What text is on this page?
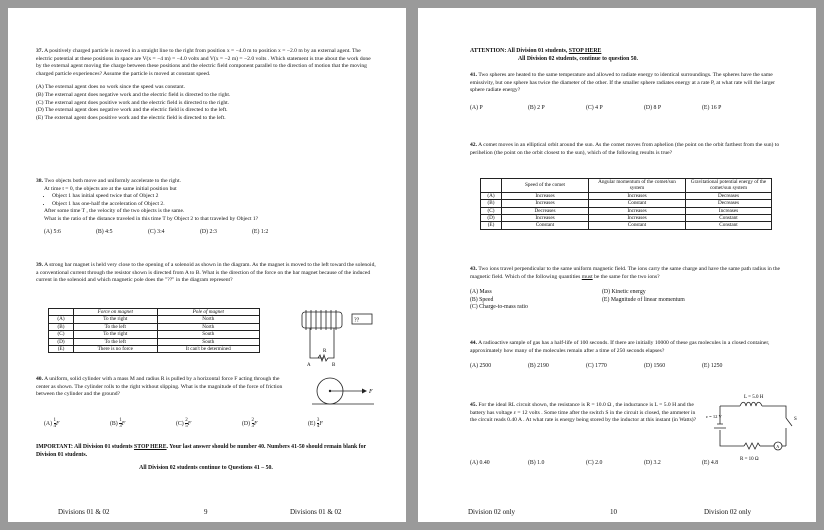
37. A positively charged particle is moved in a straight line to the right from position x = −4.0 m to position x = −2.0 m by an external agent. The electric potential at these positions in space are V(x = −4 m) = −4.0 volts and V(x = −2 m) = −2.0 volts . Which statement is true about the work done by the external agent moving the charge between these positions and the electric field component parallel to the direction of motion that the moving charged particle experiences? Assume the particle is moved at constant speed.

(A) The external agent does no work since the speed was constant.

(B) The external agent does negative work and the electric field is directed to the right.

(C) The external agent does positive work and the electric field is directed to the right.

(D) The external agent does negative work and the electric field is directed to the left.

(E) The external agent does positive work and the electric field is directed to the left.

38. Two objects both move and uniformly accelerate to the right.

At time t = 0, the objects are at the same initial position but

• Object 1 has initial speed twice that of Object 2
• Object 1 has one-half the acceleration of Object 2.

After some time T , the velocity of the two objects is the same.

What is the ratio of the distance traveled in this time T by Object 2 to that traveled by Object 1?

(A) 5:6	(B) 4:5	(C) 3:4	(D) 2:3	(E) 1:2

39. A strong bar magnet is held very close to the opening of a solenoid as shown in the diagram. As the magnet is moved to the left toward the solenoid, a conventional current through the resistor shown is directed from A to B. What is the direction of the force on the bar magnet because of the induced current in the solenoid and which magnetic pole does the "??" in the diagram represent?

	Force on magnet	Pole of magnet
(A)	To the right	North
(B)	To the left	North
(C)	To the right	South
(D)	To the left	South
(E)	There is no force	It can't be determined
??
R
A	B

40. A uniform, solid cylinder with a mass M and radius R is pulled by a horizontal force F acting through the center as shown. The cylinder rolls to the right without slipping. What is the magnitude of the force of friction between the cylinder and the ground?	F
$(A) \frac{1}{4}$ F	$(B) \frac{1}{3}$ F	$(C) \frac{2}{5}$ F	$(D) \frac{2}{3}$ F	$(E) \frac{3}{4}$ F

IMPORTANT: All Division 01 students STOP HERE. Your last answer should be number 40. Numbers 41-50 should remain blank for Division 01 students.

All Division 02 students continue to Questions 41 – 50.

Divisions 01 & 02	9	Divisions 01 & 02

ATTENTION: All Division 01 students, STOP HERE

All Division 02 students, continue to question 50.

41. Two spheres are heated to the same temperature and allowed to radiate energy to identical surroundings. The spheres have the same emissivity, but one sphere has twice the diameter of the other. If the smaller sphere radiates energy at a rate P, at what rate will the larger sphere radiate energy?

(A) P	(B) 2 P	(C) 4 P	(D) 8 P	(E) 16 P

42. A comet moves in an elliptical orbit around the sun. As the comet moves from aphelion (the point on the orbit farthest from the sun) to perihelion (the point on the orbit closest to the sun), which of the following results is true?

	Speed of the comet	Angular momentum of the comet/sun system	Gravitational potential energy of the comet/sun system
(A)	Increases	Increases	Decreases
(B)	Increases	Constant	Decreases
(C)	Decreases	Increases	Increases
(D)	Increases	Increases	Constant
(E)	Constant	Constant	Constant

43. Two ions travel perpendicular to the same uniform magnetic field. The ions carry the same charge and have the same path radius in the magnetic field. Which of the following quantities must be the same for the two ions?

(A) Mass

(B) Speed

(C) Charge-to-mass ratio

(D) Kinetic energy

(E) Magnitude of linear momentum

44. A radioactive sample of gas has a half-life of 100 seconds. If there are initially 10000 of these gas molecules in a closed container, approximately how many of the molecules remain after a time of 250 seconds elapses?

(A) 2500	(B) 2190	(C) 1770	(D) 1560	(E) 1250

45. For the ideal RL circuit shown, the resistance is R = 10.0 Ω , the inductance is L = 5.0 H and the battery has voltage ε = 12 volts . Some time after the switch S in the circuit is closed, the ammeter in the circuit reads 0.40 A . At what rate is energy being stored by the inductor at this instant (in Watts)?

L = 5.0 H
ε = 12 V
S
A
R = 10 Ω
(A) 0.40	(B) 1.0	(C) 2.0	(D) 3.2	(E) 4.8
Division 02 only	10	Division 02 only
